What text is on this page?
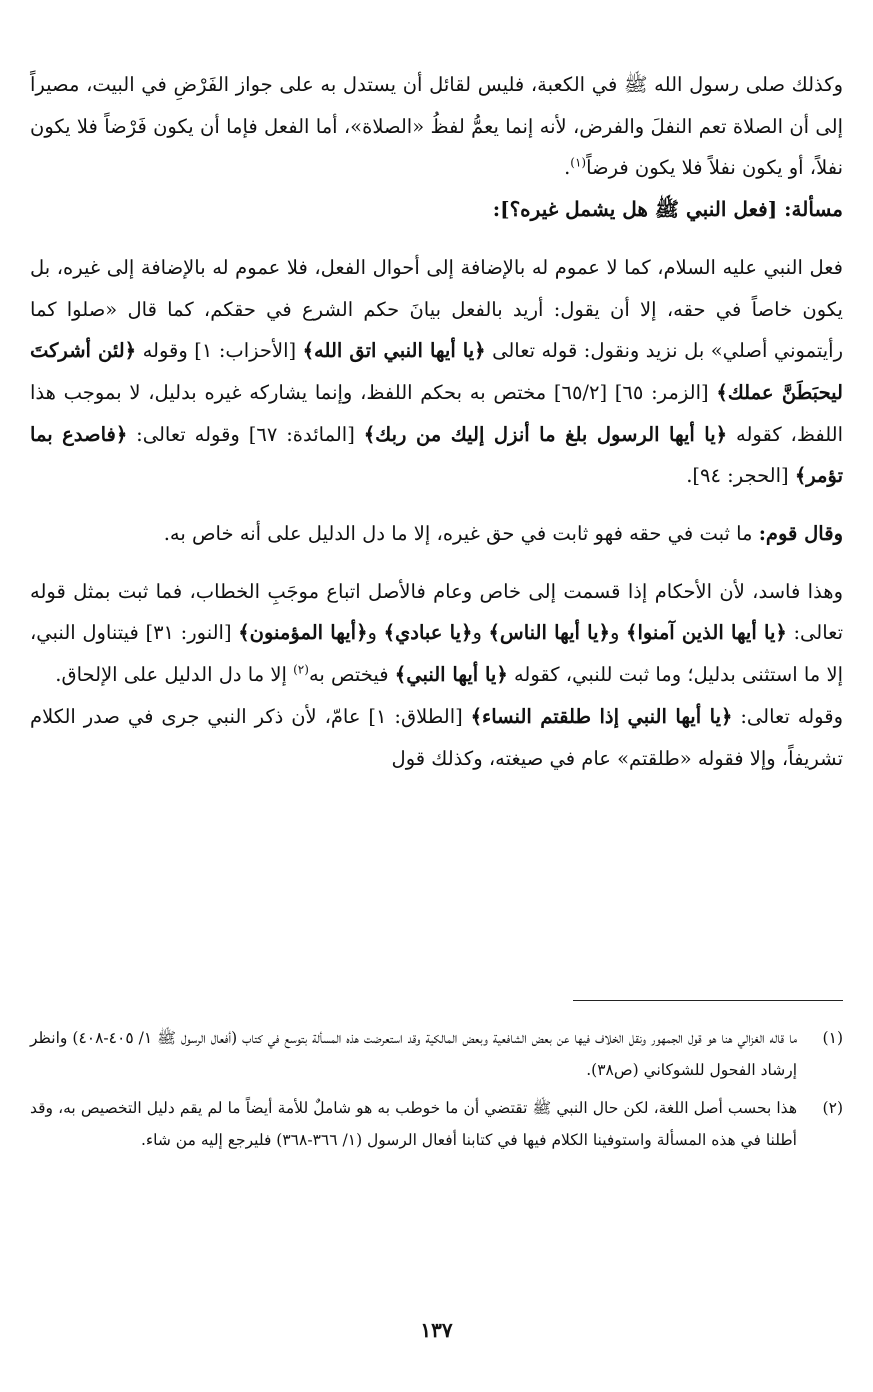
وكذلك صلى رسول الله ﷺ في الكعبة، فليس لقائل أن يستدل به على جواز الفَرْضِ في البيت، مصيراً إلى أن الصلاة تعم النفلَ والفرض، لأنه إنما يعمُّ لفظُ «الصلاة»، أما الفعل فإما أن يكون فَرْضاً فلا يكون نفلاً، أو يكون نفلاً فلا يكون فرضاً$^{(١)}$.

مسألة: [فعل النبي ﷺ هل يشمل غيره؟]:

فعل النبي عليه السلام، كما لا عموم له بالإضافة إلى أحوال الفعل، فلا عموم له بالإضافة إلى غيره، بل يكون خاصاً في حقه، إلا أن يقول: أريد بالفعل بيانَ حكم الشرع في حقكم، كما قال «صلوا كما رأيتموني أصلي» بل نزيد ونقول: قوله تعالى ﴿يا أيها النبي اتق الله﴾ [الأحزاب: ١] وقوله ﴿لئن أشركتَ ليحبَطَنَّ عملك﴾ [الزمر: ٦٥] [٦٥/٢] مختص به بحكم اللفظ، وإنما يشاركه غيره بدليل، لا بموجب هذا اللفظ، كقوله ﴿يا أيها الرسول بلغ ما أنزل إليك من ربك﴾ [المائدة: ٦٧] وقوله تعالى: ﴿فاصدع بما تؤمر﴾ [الحجر: ٩٤].

وقال قوم: ما ثبت في حقه فهو ثابت في حق غيره، إلا ما دل الدليل على أنه خاص به.

وهذا فاسد، لأن الأحكام إذا قسمت إلى خاص وعام فالأصل اتباع موجَبِ الخطاب، فما ثبت بمثل قوله تعالى: ﴿يا أيها الذين آمنوا﴾ و﴿يا أيها الناس﴾ و﴿يا عبادي﴾ و﴿أيها المؤمنون﴾ [النور: ٣١] فيتناول النبي، إلا ما استثنى بدليل؛ وما ثبت للنبي، كقوله ﴿يا أيها النبي﴾ فيختص به$^{(٢)}$ إلا ما دل الدليل على الإلحاق.

وقوله تعالى: ﴿يا أيها النبي إذا طلقتم النساء﴾ [الطلاق: ١] عامّ، لأن ذكر النبي جرى في صدر الكلام تشريفاً، وإلا فقوله «طلقتم» عام في صيغته، وكذلك قول

(١)
ما قاله الغزالي هنا هو قول الجمهور ونقل الخلاف فيها عن بعض الشافعية وبعض المالكية وقد استعرضت هذه المسألة بتوسع في كتاب (أفعال الرسول ﷺ ١/ ٤٠٥-٤٠٨) وانظر إرشاد الفحول للشوكاني (ص٣٨).
(٢)
هذا بحسب أصل اللغة، لكن حال النبي ﷺ تقتضي أن ما خوطب به هو شاملٌ للأمة أيضاً ما لم يقم دليل التخصيص به، وقد أطلنا في هذه المسألة واستوفينا الكلام فيها في كتابنا أفعال الرسول (١/ ٣٦٦-٣٦٨) فليرجع إليه من شاء.
١٣٧
